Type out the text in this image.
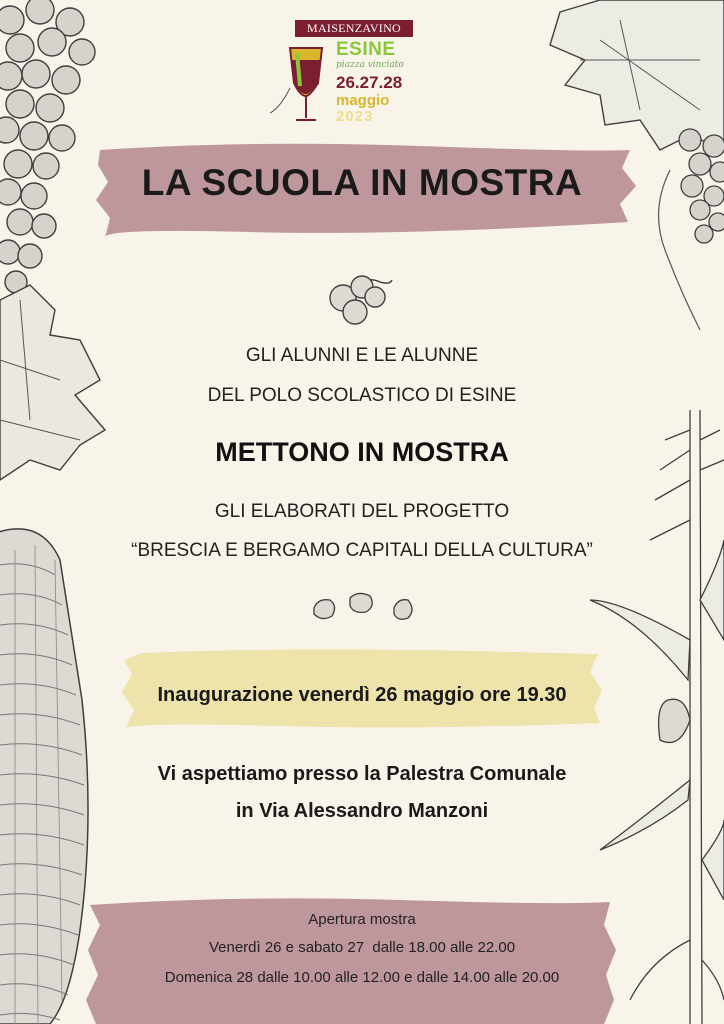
MAISENZAVINO
ESINE
piazza vinciato
26.27.28
maggio
2023
LA SCUOLA IN MOSTRA
GLI ALUNNI E LE ALUNNE
DEL POLO SCOLASTICO DI ESINE
METTONO IN MOSTRA
GLI ELABORATI DEL PROGETTO
“BRESCIA E BERGAMO CAPITALI DELLA CULTURA”
Inaugurazione venerdì 26 maggio ore 19.30
Vi aspettiamo presso la Palestra Comunale
in Via Alessandro Manzoni
Apertura mostra
Venerdì 26 e sabato 27  dalle 18.00 alle 22.00
Domenica 28 dalle 10.00 alle 12.00 e dalle 14.00 alle 20.00
